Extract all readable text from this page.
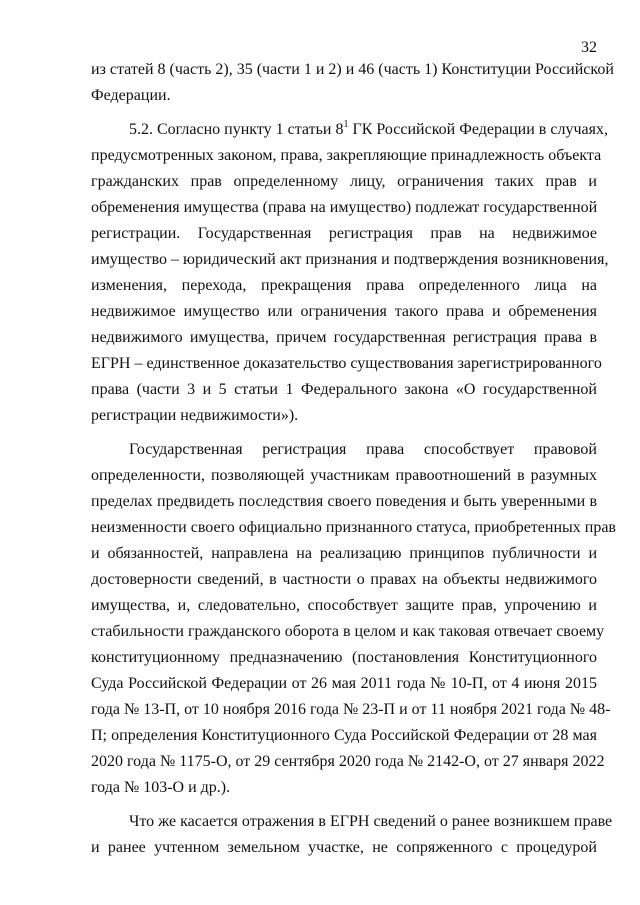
32
из статей 8 (часть 2), 35 (части 1 и 2) и 46 (часть 1) Конституции Российской
Федерации.
5.2. Согласно пункту 1 статьи $8^1$ ГК Российской Федерации в случаях,
предусмотренных законом, права, закрепляющие принадлежность объекта
гражданских прав определенному лицу, ограничения таких прав и
обременения имущества (права на имущество) подлежат государственной
регистрации. Государственная регистрация прав на недвижимое
имущество – юридический акт признания и подтверждения возникновения,
изменения, перехода, прекращения права определенного лица на
недвижимое имущество или ограничения такого права и обременения
недвижимого имущества, причем государственная регистрация права в
ЕГРН – единственное доказательство существования зарегистрированного
права (части 3 и 5 статьи 1 Федерального закона «О государственной
регистрации недвижимости»).
Государственная регистрация права способствует правовой
определенности, позволяющей участникам правоотношений в разумных
пределах предвидеть последствия своего поведения и быть уверенными в
неизменности своего официально признанного статуса, приобретенных прав
и обязанностей, направлена на реализацию принципов публичности и
достоверности сведений, в частности о правах на объекты недвижимого
имущества, и, следовательно, способствует защите прав, упрочению и
стабильности гражданского оборота в целом и как таковая отвечает своему
конституционному предназначению (постановления Конституционного
Суда Российской Федерации от 26 мая 2011 года № 10-П, от 4 июня 2015
года № 13-П, от 10 ноября 2016 года № 23-П и от 11 ноября 2021 года № 48-
П; определения Конституционного Суда Российской Федерации от 28 мая
2020 года № 1175-О, от 29 сентября 2020 года № 2142-О, от 27 января 2022
года № 103-О и др.).
Что же касается отражения в ЕГРН сведений о ранее возникшем праве
и ранее учтенном земельном участке, не сопряженного с процедурой
